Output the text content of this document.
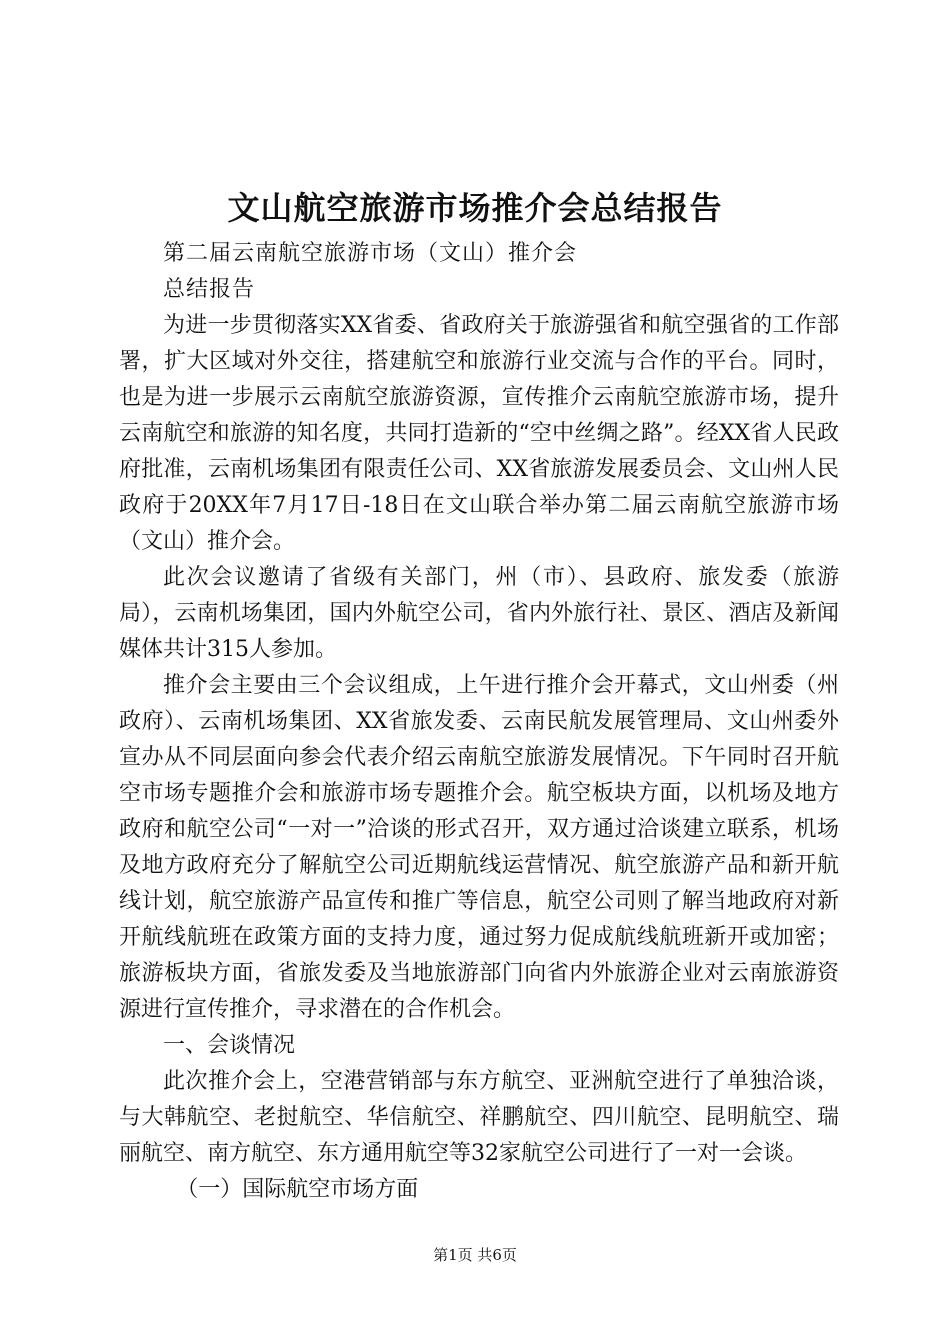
文山航空旅游市场推介会总结报告

第二届云南航空旅游市场（文山）推介会

总结报告

为进一步贯彻落实XX省委、省政府关于旅游强省和航空强省的工作部署，扩大区域对外交往，搭建航空和旅游行业交流与合作的平台。同时，也是为进一步展示云南航空旅游资源，宣传推介云南航空旅游市场，提升云南航空和旅游的知名度，共同打造新的“空中丝绸之路”。经XX省人民政府批准，云南机场集团有限责任公司、XX省旅游发展委员会、文山州人民政府于20XX年7月17日-18日在文山联合举办第二届云南航空旅游市场（文山）推介会。

此次会议邀请了省级有关部门，州（市）、县政府、旅发委（旅游局），云南机场集团，国内外航空公司，省内外旅行社、景区、酒店及新闻媒体共计315人参加。

推介会主要由三个会议组成，上午进行推介会开幕式，文山州委（州政府）、云南机场集团、XX省旅发委、云南民航发展管理局、文山州委外宣办从不同层面向参会代表介绍云南航空旅游发展情况。下午同时召开航空市场专题推介会和旅游市场专题推介会。航空板块方面，以机场及地方政府和航空公司“一对一”洽谈的形式召开，双方通过洽谈建立联系，机场及地方政府充分了解航空公司近期航线运营情况、航空旅游产品和新开航线计划，航空旅游产品宣传和推广等信息，航空公司则了解当地政府对新开航线航班在政策方面的支持力度，通过努力促成航线航班新开或加密；旅游板块方面，省旅发委及当地旅游部门向省内外旅游企业对云南旅游资源进行宣传推介，寻求潜在的合作机会。

一、会谈情况

此次推介会上，空港营销部与东方航空、亚洲航空进行了单独洽谈，与大韩航空、老挝航空、华信航空、祥鹏航空、四川航空、昆明航空、瑞丽航空、南方航空、东方通用航空等32家航空公司进行了一对一会谈。

（一）国际航空市场方面

第1页 共6页
